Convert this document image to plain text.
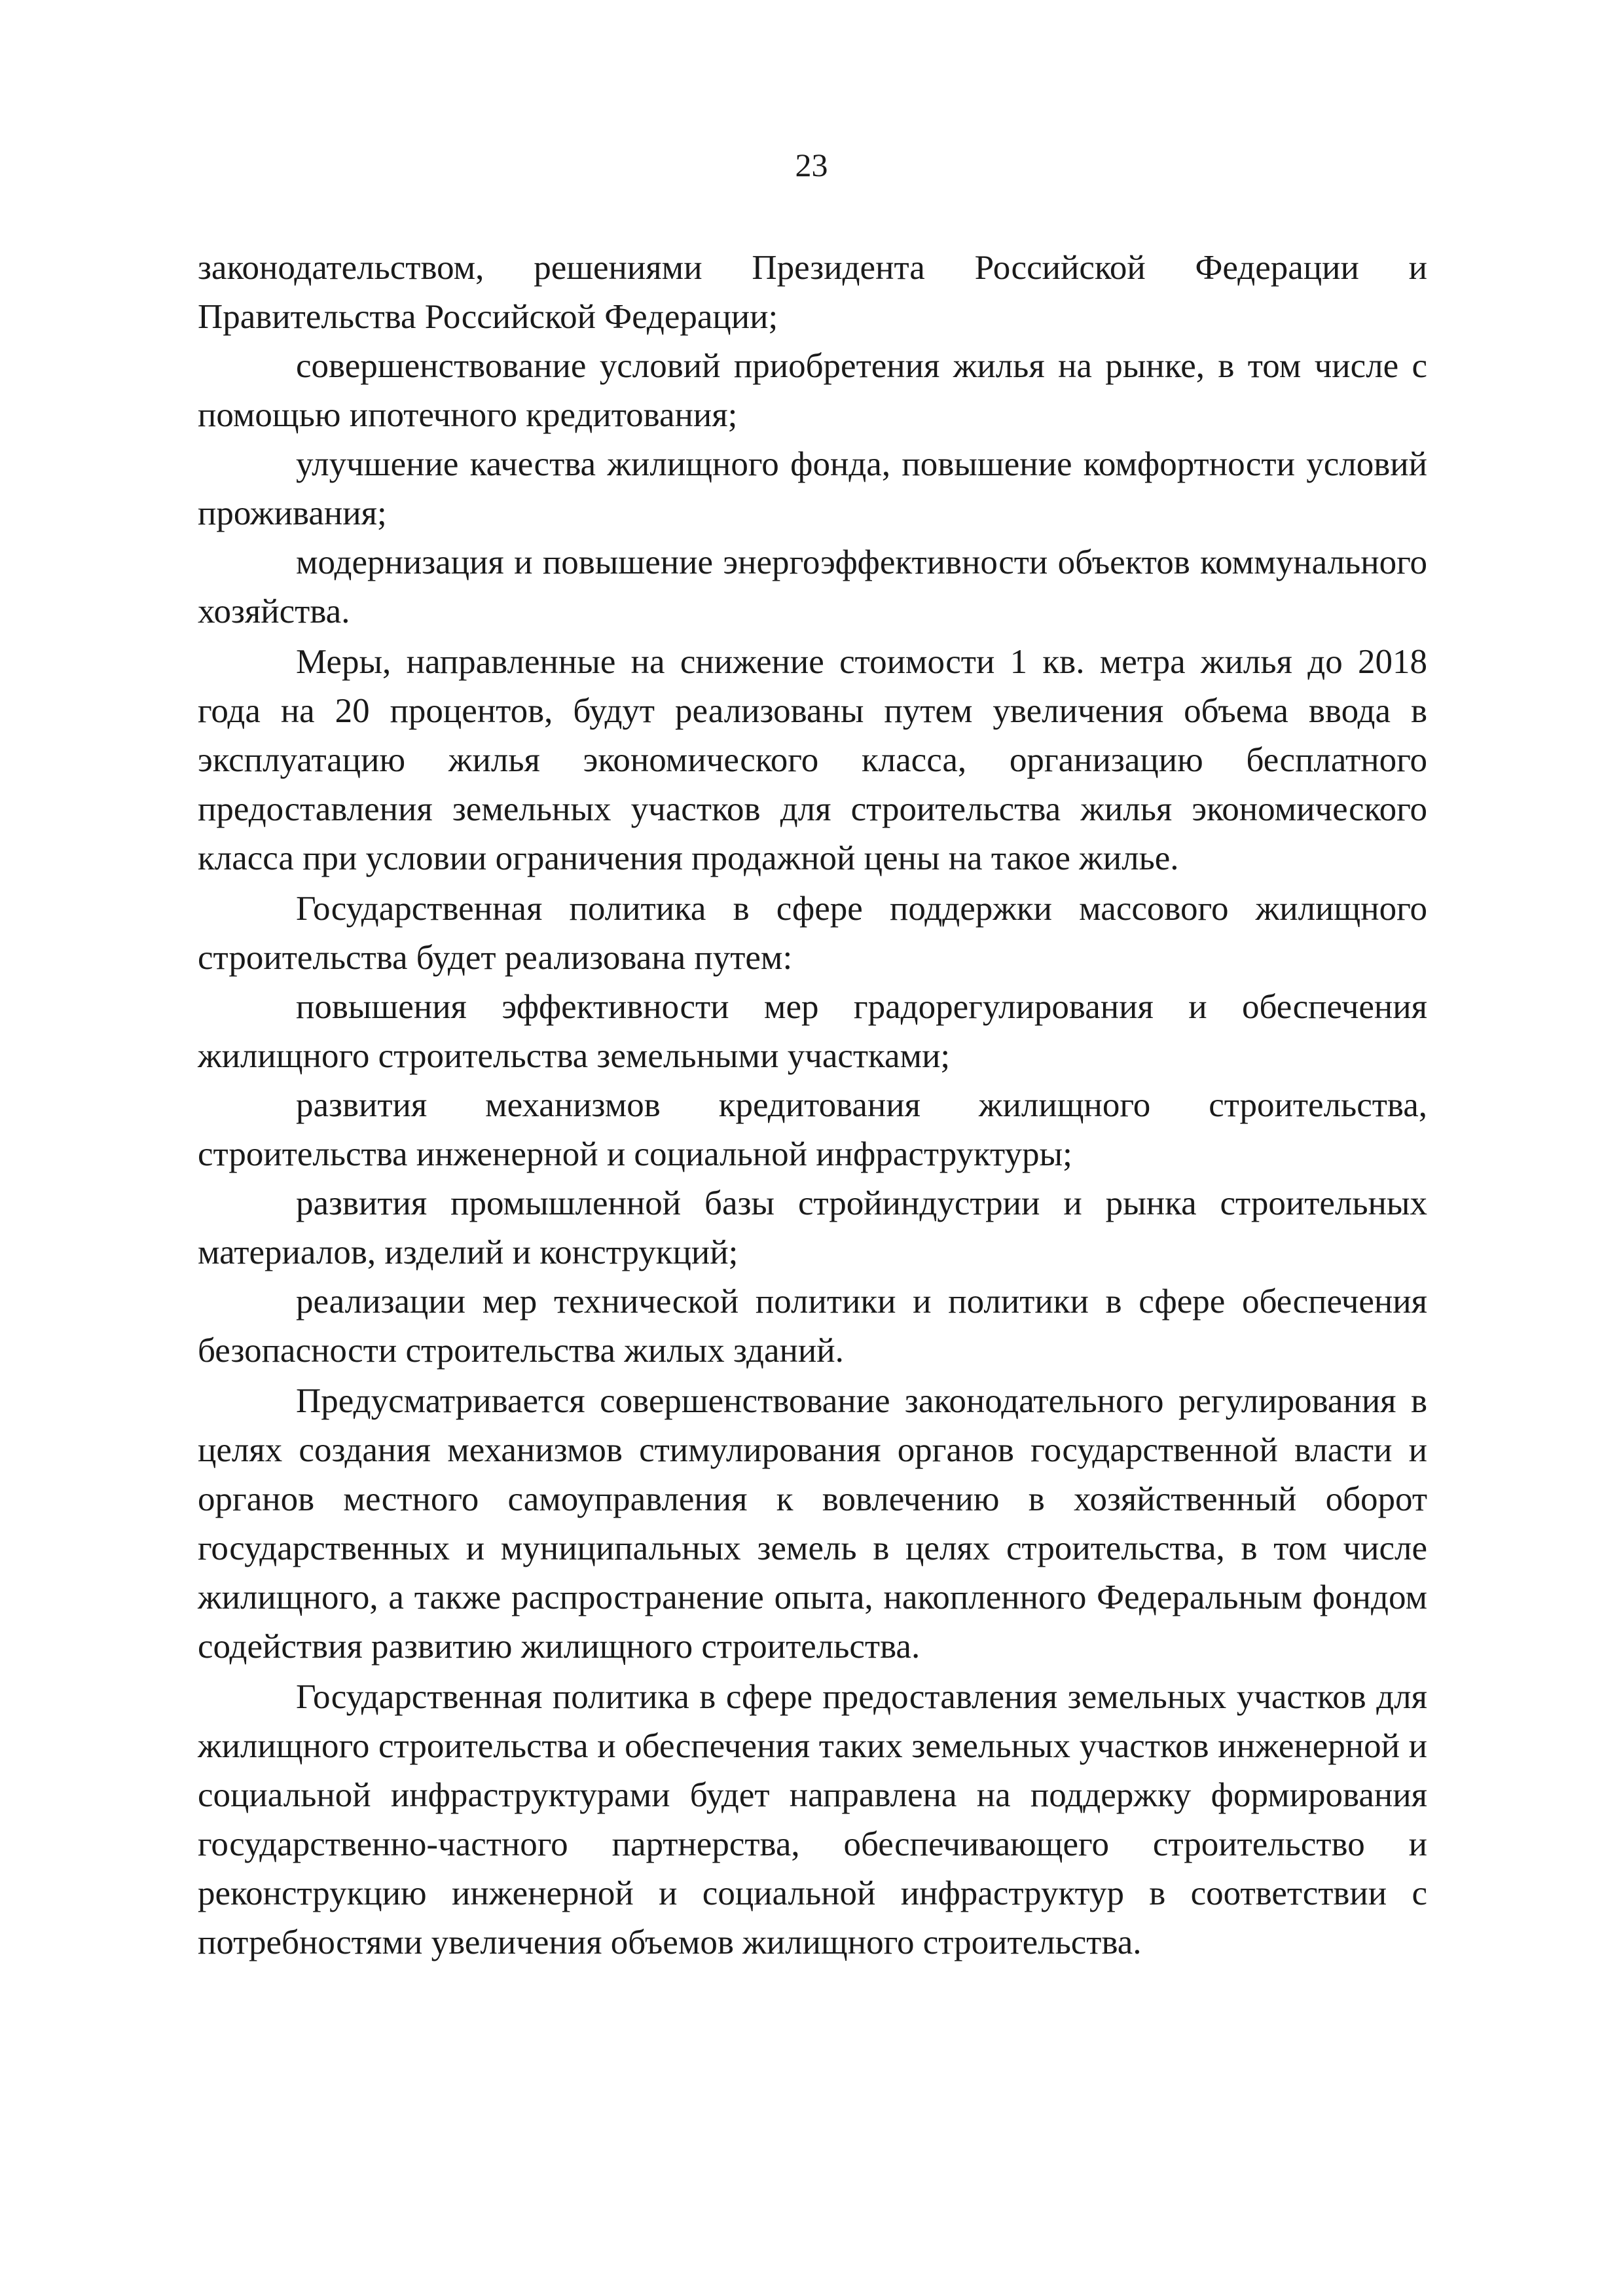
23

законодательством, решениями Президента Российской Федерации и Правительства Российской Федерации;

совершенствование условий приобретения жилья на рынке, в том числе с помощью ипотечного кредитования;

улучшение качества жилищного фонда, повышение комфортности условий проживания;

модернизация и повышение энергоэффективности объектов коммунального хозяйства.

Меры, направленные на снижение стоимости 1 кв. метра жилья до 2018 года на 20 процентов, будут реализованы путем увеличения объема ввода в эксплуатацию жилья экономического класса, организацию бесплатного предоставления земельных участков для строительства жилья экономического класса при условии ограничения продажной цены на такое жилье.

Государственная политика в сфере поддержки массового жилищного строительства будет реализована путем:

повышения эффективности мер градорегулирования и обеспечения жилищного строительства земельными участками;

развития механизмов кредитования жилищного строительства, строительства инженерной и социальной инфраструктуры;

развития промышленной базы стройиндустрии и рынка строительных материалов, изделий и конструкций;

реализации мер технической политики и политики в сфере обеспечения безопасности строительства жилых зданий.

Предусматривается совершенствование законодательного регулирования в целях создания механизмов стимулирования органов государственной власти и органов местного самоуправления к вовлечению в хозяйственный оборот государственных и муниципальных земель в целях строительства, в том числе жилищного, а также распространение опыта, накопленного Федеральным фондом содействия развитию жилищного строительства.

Государственная политика в сфере предоставления земельных участков для жилищного строительства и обеспечения таких земельных участков инженерной и социальной инфраструктурами будет направлена на поддержку формирования государственно-частного партнерства, обеспечивающего строительство и реконструкцию инженерной и социальной инфраструктур в соответствии с потребностями увеличения объемов жилищного строительства.
